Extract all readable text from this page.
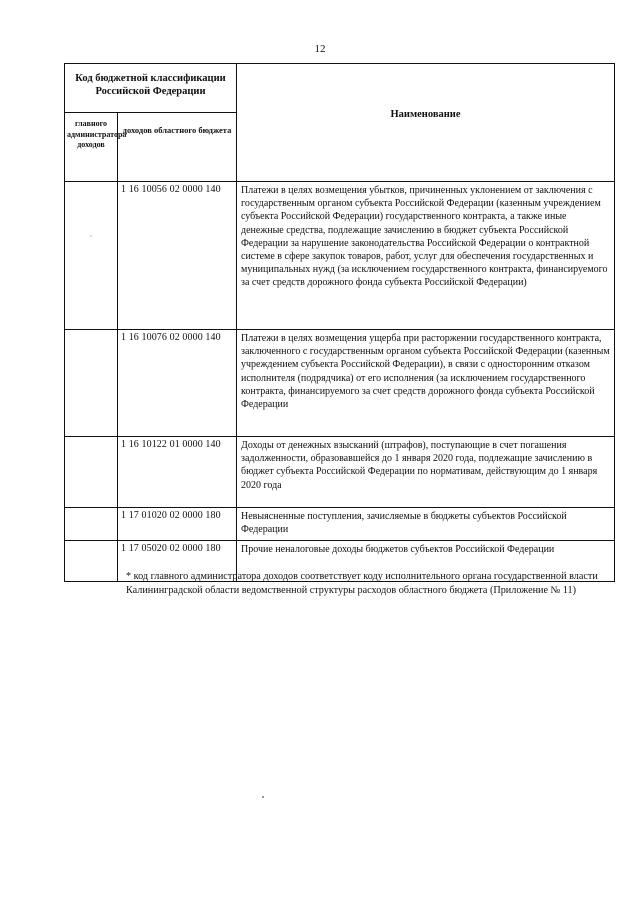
12
Код бюджетной классификации Российской Федерации		Наименование
главного администратора доходов	доходов областного бюджета	

ˈ	1 16 10056 02 0000 140	Платежи в целях возмещения убытков, причиненных уклонением от заключения с государственным органом субъекта Российской Федерации (казенным учреждением субъекта Российской Федерации) государственного контракта, а также иные денежные средства, подлежащие зачислению в бюджет субъекта Российской Федерации за нарушение законодательства Российской Федерации о контрактной системе в сфере закупок товаров, работ, услуг для обеспечения государственных и муниципальных нужд (за исключением государственного контракта, финансируемого за счет средств дорожного фонда субъекта Российской Федерации)
	1 16 10076 02 0000 140	Платежи в целях возмещения ущерба при расторжении государственного контракта, заключенного с государственным органом субъекта Российской Федерации (казенным учреждением субъекта Российской Федерации), в связи с односторонним отказом исполнителя (подрядчика) от его исполнения (за исключением государственного контракта, финансируемого за счет средств дорожного фонда субъекта Российской Федерации
	1 16 10122 01 0000 140	Доходы от денежных взысканий (штрафов), поступающие в счет погашения задолженности, образовавшейся до 1 января 2020 года, подлежащие зачислению в бюджет субъекта Российской Федерации по нормативам, действующим до 1 января 2020 года
	1 17 01020 02 0000 180	Невыясненные поступления, зачисляемые в бюджеты субъектов Российской Федерации
	1 17 05020 02 0000 180	Прочие неналоговые доходы бюджетов субъектов Российской Федерации
* код главного администратора доходов соответствует коду исполнительного органа государственной власти Калининградской области ведомственной структуры расходов областного бюджета (Приложение № 11)
